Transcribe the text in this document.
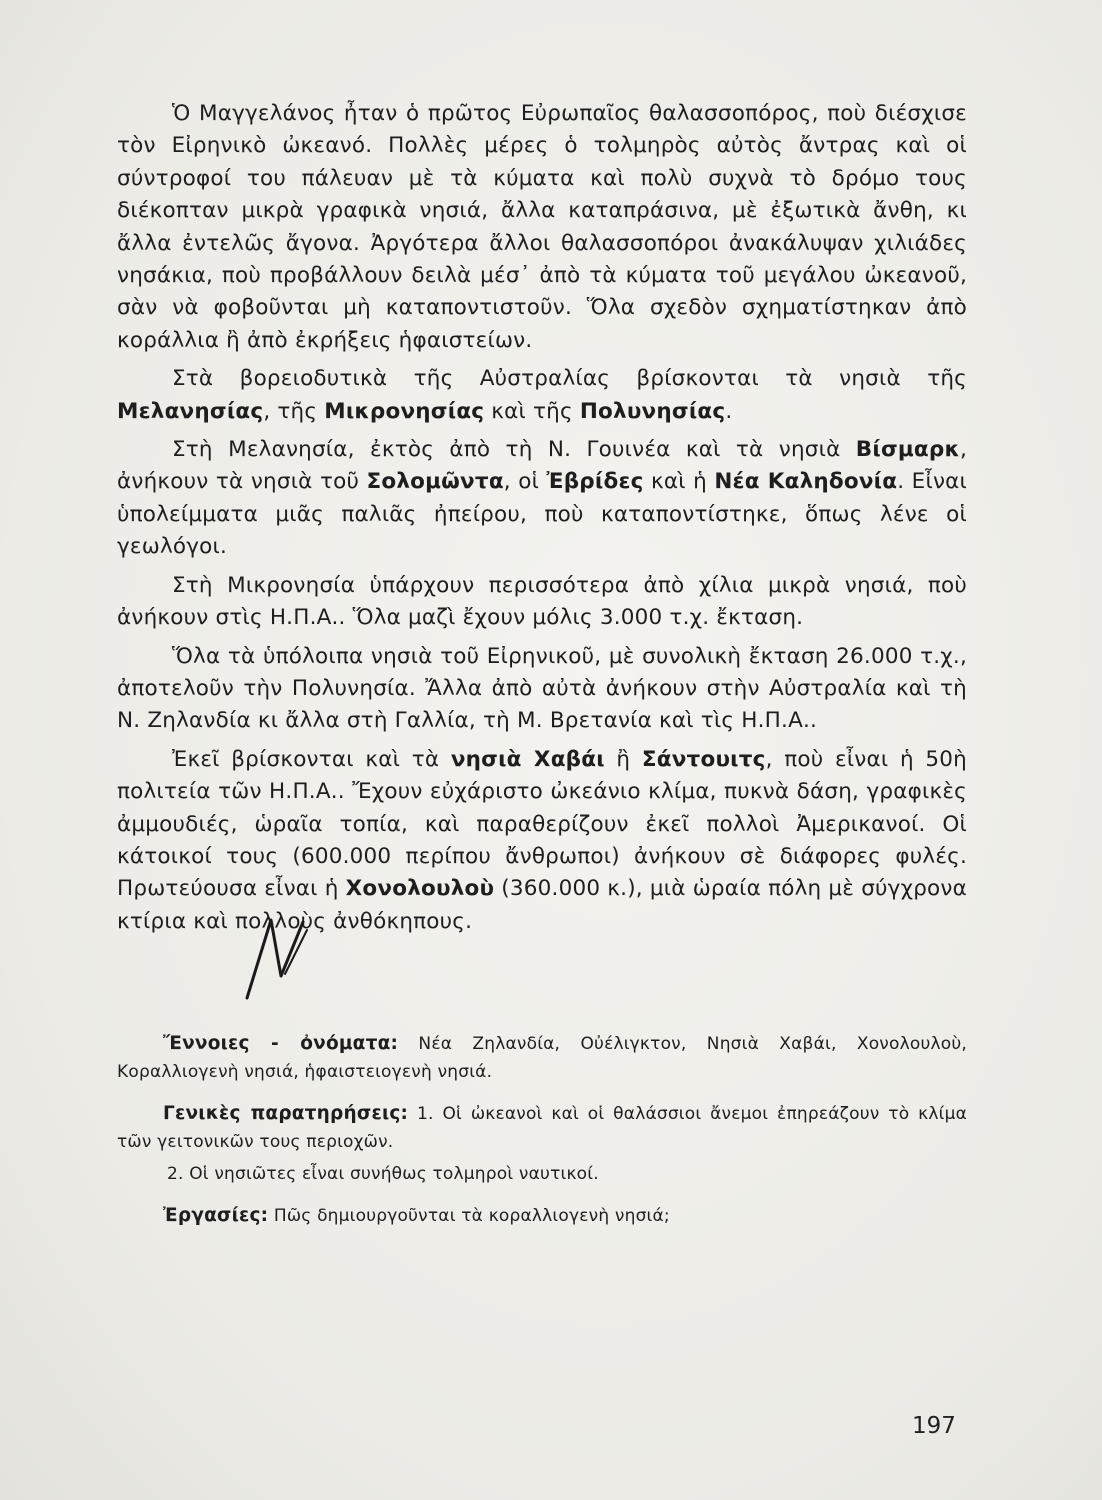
Ὁ Μαγγελάνος ἦταν ὁ πρῶτος Εὐρωπαῖος θαλασσοπόρος, ποὺ διέσχισε τὸν Εἰρηνικὸ ὠκεανό. Πολλὲς μέρες ὁ τολμηρὸς αὐτὸς ἄντρας καὶ οἱ σύντροφοί του πάλευαν μὲ τὰ κύματα καὶ πολὺ συχνὰ τὸ δρόμο τους διέκοπταν μικρὰ γραφικὰ νησιά, ἄλλα καταπράσινα, μὲ ἐξωτικὰ ἄνθη, κι ἄλλα ἐντελῶς ἄγονα. Ἀργότερα ἄλλοι θαλασσοπόροι ἀνακάλυψαν χιλιάδες νησάκια, ποὺ προβάλλουν δειλὰ μέσ᾽ ἀπὸ τὰ κύματα τοῦ μεγάλου ὠκεανοῦ, σὰν νὰ φοβοῦνται μὴ καταποντιστοῦν. Ὅλα σχεδὸν σχηματίστηκαν ἀπὸ κοράλλια ἢ ἀπὸ ἐκρήξεις ἡφαιστείων.

Στὰ βορειοδυτικὰ τῆς Αὐστραλίας βρίσκονται τὰ νησιὰ τῆς Μελανησίας, τῆς Μικρονησίας καὶ τῆς Πολυνησίας.

Στὴ Μελανησία, ἐκτὸς ἀπὸ τὴ Ν. Γουινέα καὶ τὰ νησιὰ Βίσμαρκ, ἀνήκουν τὰ νησιὰ τοῦ Σολομῶντα, οἱ Ἐβρίδες καὶ ἡ Νέα Καληδονία. Εἶναι ὑπολείμματα μιᾶς παλιᾶς ἠπείρου, ποὺ καταποντίστηκε, ὅπως λένε οἱ γεωλόγοι.

Στὴ Μικρονησία ὑπάρχουν περισσότερα ἀπὸ χίλια μικρὰ νησιά, ποὺ ἀνήκουν στὶς Η.Π.Α.. Ὅλα μαζὶ ἔχουν μόλις 3.000 τ.χ. ἔκταση.

Ὅλα τὰ ὑπόλοιπα νησιὰ τοῦ Εἰρηνικοῦ, μὲ συνολικὴ ἔκταση 26.000 τ.χ., ἀποτελοῦν τὴν Πολυνησία. Ἄλλα ἀπὸ αὐτὰ ἀνήκουν στὴν Αὐστραλία καὶ τὴ Ν. Ζηλανδία κι ἄλλα στὴ Γαλλία, τὴ Μ. Βρετανία καὶ τὶς Η.Π.Α..

Ἐκεῖ βρίσκονται καὶ τὰ νησιὰ Χαβάι ἢ Σάντουιτς, ποὺ εἶναι ἡ 50ὴ πολιτεία τῶν Η.Π.Α.. Ἔχουν εὐχάριστο ὠκεάνιο κλίμα, πυκνὰ δάση, γραφικὲς ἀμμουδιές, ὡραῖα τοπία, καὶ παραθερίζουν ἐκεῖ πολλοὶ Ἀμερικανοί. Οἱ κάτοικοί τους (600.000 περίπου ἄνθρωποι) ἀνήκουν σὲ διάφορες φυλές. Πρωτεύουσα εἶναι ἡ Χονολουλοὺ (360.000 κ.), μιὰ ὡραία πόλη μὲ σύγχρονα κτίρια καὶ πολλοὺς ἀνθόκηπους.

Ἔννοιες - ὀνόματα: Νέα Ζηλανδία, Οὐέλιγκτον, Νησιὰ Χαβάι, Χονολουλοὺ, Κοραλλιογενὴ νησιά, ἡφαιστειογενὴ νησιά.

Γενικὲς παρατηρήσεις: 1. Οἱ ὠκεανοὶ καὶ οἱ θαλάσσιοι ἄνεμοι ἐπηρεάζουν τὸ κλίμα τῶν γειτονικῶν τους περιοχῶν.

2. Οἱ νησιῶτες εἶναι συνήθως τολμηροὶ ναυτικοί.

Ἐργασίες: Πῶς δημιουργοῦνται τὰ κοραλλιογενὴ νησιά;

197
